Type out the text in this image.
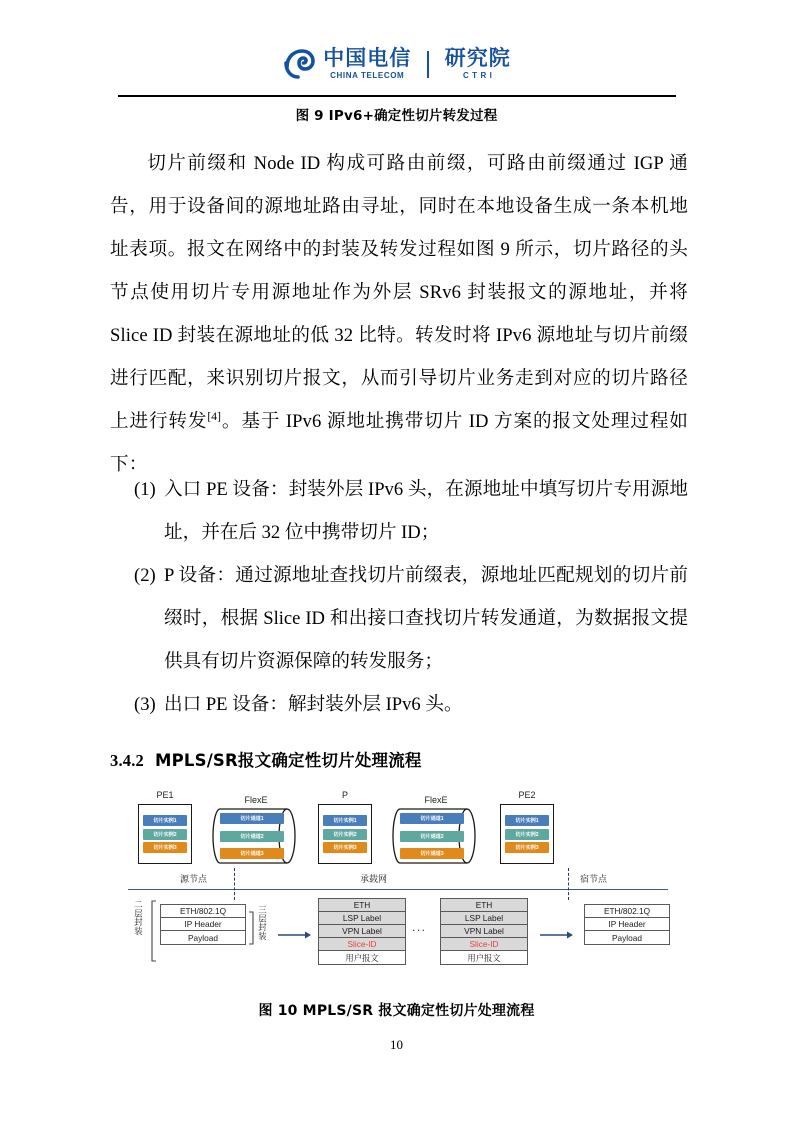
中国电信
CHINA TELECOM
研究院
C T R I
图 9 IPv6+确定性切片转发过程
切片前缀和 Node ID 构成可路由前缀，可路由前缀通过 IGP 通告，用于设备间的源地址路由寻址，同时在本地设备生成一条本机地址表项。报文在网络中的封装及转发过程如图 9 所示，切片路径的头节点使用切片专用源地址作为外层 SRv6 封装报文的源地址，并将 Slice ID 封装在源地址的低 32 比特。转发时将 IPv6 源地址与切片前缀进行匹配，来识别切片报文，从而引导切片业务走到对应的切片路径上进行转发[4]。基于 IPv6 源地址携带切片 ID 方案的报文处理过程如下：
(1) 入口 PE 设备：封装外层 IPv6 头，在源地址中填写切片专用源地址，并在后 32 位中携带切片 ID；
(2) P 设备：通过源地址查找切片前缀表，源地址匹配规划的切片前缀时，根据 Slice ID 和出接口查找切片转发通道，为数据报文提供具有切片资源保障的转发服务；
(3) 出口 PE 设备：解封装外层 IPv6 头。
3.4.2 MPLS/SR报文确定性切片处理流程
PE1
切片实例1
切片实例2
切片实例3
FlexE
切片通道1
切片通道2
切片通道3
P
切片实例1
切片实例2
切片实例3
FlexE
切片通道1
切片通道2
切片通道3
PE2
切片实例1
切片实例2
切片实例3
源节点	承载网	宿节点
二层封装	ETH/802.1Q
IP Header
Payload	三层封装	ETH
LSP Label
VPN Label
Slice-ID
用户报文
...
ETH
LSP Label
VPN Label
Slice-ID
用户报文
ETH/802.1Q
IP Header
Payload
图 10 MPLS/SR 报文确定性切片处理流程
10
